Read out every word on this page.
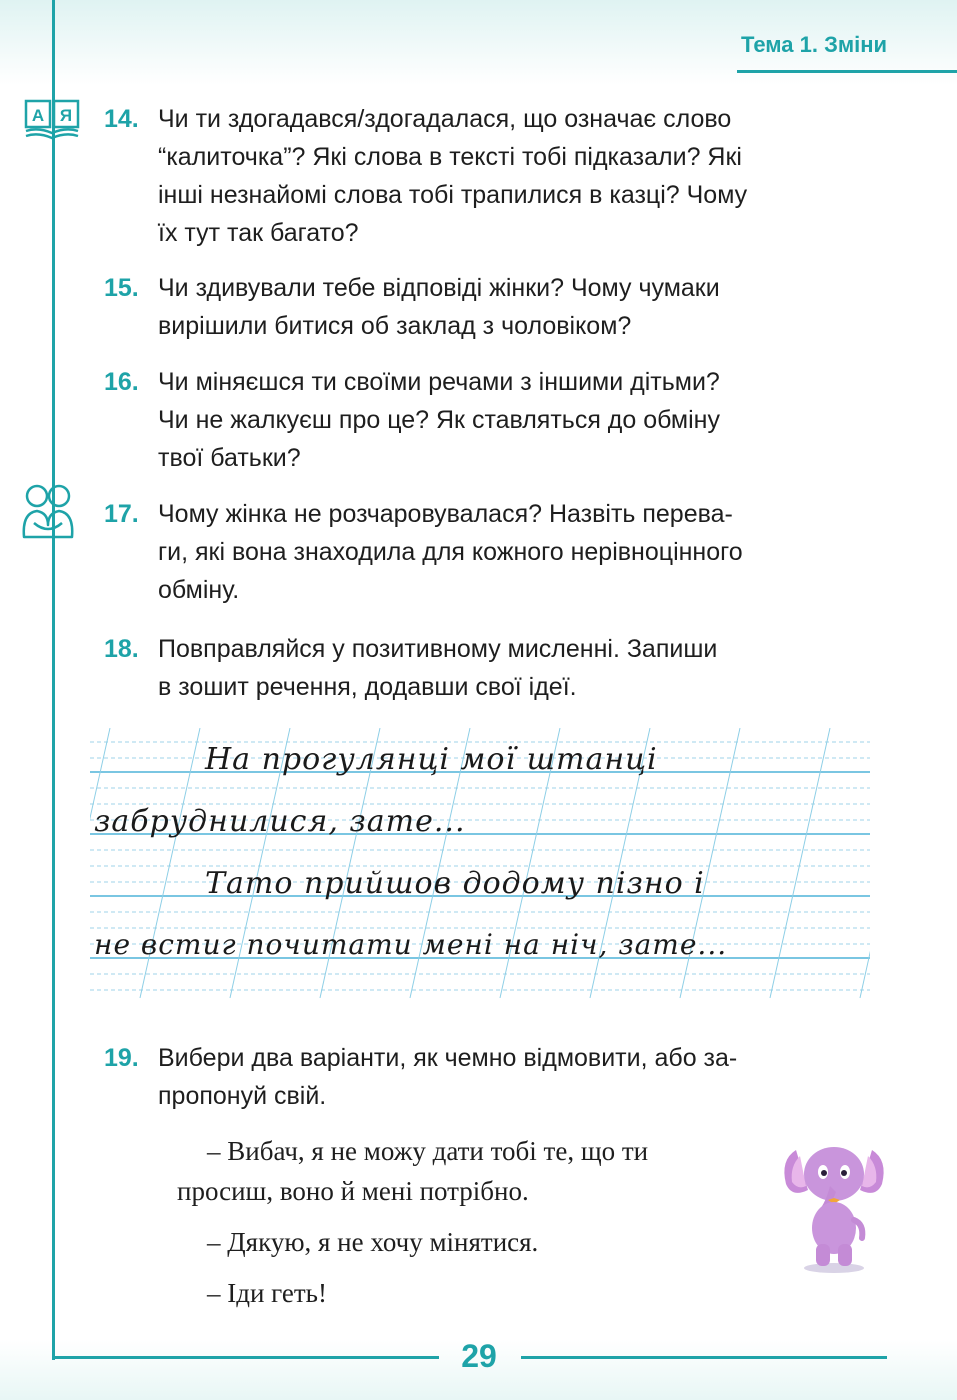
Тема 1. Зміни
А Я 14. Чи ти здогадався/здогадалася, що означає слово
“калиточка”? Які слова в тексті тобі підказали? Які
інші незнайомі слова тобі трапилися в казці? Чому
їх тут так багато?
15. Чи здивували тебе відповіді жінки? Чому чумаки
вирішили битися об заклад з чоловіком?
16. Чи міняєшся ти своїми речами з іншими дітьми?
Чи не жалкуєш про це? Як ставляться до обміну
твої батьки?
17. Чому жінка не розчаровувалася? Назвіть перева-
ги, які вона знаходила для кожного нерівноцінного
обміну.
18. Повправляйся у позитивному мисленні. Запиши
в зошит речення, додавши свої ідеї.
На прогулянці мої штанці
забруднилися, зате...
Тато прийшов додому пізно і
не встиг почитати мені на ніч, зате...
19. Вибери два варіанти, як чемно відмовити, або за-
пропонуй свій.
– Вибач, я не можу дати тобі те, що ти
просиш, воно й мені потрібно.
– Дякую, я не хочу мінятися.
– Іди геть!
29
